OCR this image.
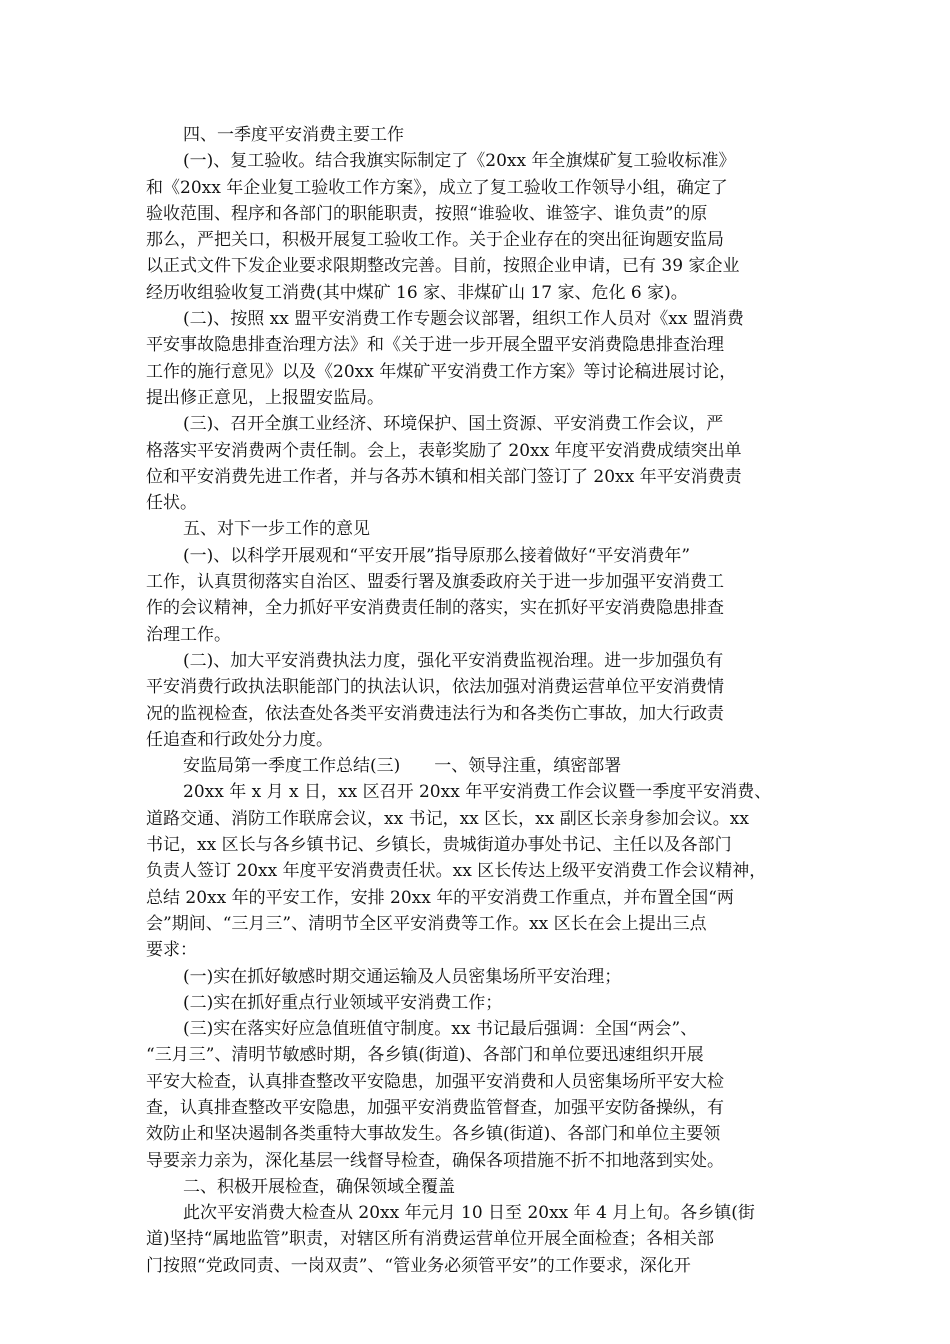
四、一季度平安消费主要工作
(一)、复工验收。结合我旗实际制定了《20xx 年全旗煤矿复工验收标准》
和《20xx 年企业复工验收工作方案》，成立了复工验收工作领导小组，确定了
验收范围、程序和各部门的职能职责，按照“谁验收、谁签字、谁负责”的原
那么，严把关口，积极开展复工验收工作。关于企业存在的突出征询题安监局
以正式文件下发企业要求限期整改完善。目前，按照企业申请，已有 39 家企业
经历收组验收复工消费(其中煤矿 16 家、非煤矿山 17 家、危化 6 家)。
(二)、按照 xx 盟平安消费工作专题会议部署，组织工作人员对《xx 盟消费
平安事故隐患排查治理方法》和《关于进一步开展全盟平安消费隐患排查治理
工作的施行意见》以及《20xx 年煤矿平安消费工作方案》等讨论稿进展讨论，
提出修正意见，上报盟安监局。
(三)、召开全旗工业经济、环境保护、国土资源、平安消费工作会议，严
格落实平安消费两个责任制。会上，表彰奖励了 20xx 年度平安消费成绩突出单
位和平安消费先进工作者，并与各苏木镇和相关部门签订了 20xx 年平安消费责
任状。
五、对下一步工作的意见
(一)、以科学开展观和“平安开展”指导原那么接着做好“平安消费年”
工作，认真贯彻落实自治区、盟委行署及旗委政府关于进一步加强平安消费工
作的会议精神，全力抓好平安消费责任制的落实，实在抓好平安消费隐患排查
治理工作。
(二)、加大平安消费执法力度，强化平安消费监视治理。进一步加强负有
平安消费行政执法职能部门的执法认识，依法加强对消费运营单位平安消费情
况的监视检查，依法查处各类平安消费违法行为和各类伤亡事故，加大行政责
任追查和行政处分力度。
安监局第一季度工作总结(三)　　一、领导注重，缜密部署
20xx 年 x 月 x 日，xx 区召开 20xx 年平安消费工作会议暨一季度平安消费、
道路交通、消防工作联席会议，xx 书记，xx 区长，xx 副区长亲身参加会议。xx
书记，xx 区长与各乡镇书记、乡镇长，贵城街道办事处书记、主任以及各部门
负责人签订 20xx 年度平安消费责任状。xx 区长传达上级平安消费工作会议精神，
总结 20xx 年的平安工作，安排 20xx 年的平安消费工作重点，并布置全国“两
会”期间、“三月三”、清明节全区平安消费等工作。xx 区长在会上提出三点
要求：
(一)实在抓好敏感时期交通运输及人员密集场所平安治理；
(二)实在抓好重点行业领域平安消费工作；
(三)实在落实好应急值班值守制度。xx 书记最后强调：全国“两会”、
“三月三”、清明节敏感时期，各乡镇(街道)、各部门和单位要迅速组织开展
平安大检查，认真排查整改平安隐患，加强平安消费和人员密集场所平安大检
查，认真排查整改平安隐患，加强平安消费监管督查，加强平安防备操纵，有
效防止和坚决遏制各类重特大事故发生。各乡镇(街道)、各部门和单位主要领
导要亲力亲为，深化基层一线督导检查，确保各项措施不折不扣地落到实处。
二、积极开展检查，确保领域全覆盖
此次平安消费大检查从 20xx 年元月 10 日至 20xx 年 4 月上旬。各乡镇(街
道)坚持“属地监管”职责，对辖区所有消费运营单位开展全面检查；各相关部
门按照“党政同责、一岗双责”、“管业务必须管平安”的工作要求，深化开
